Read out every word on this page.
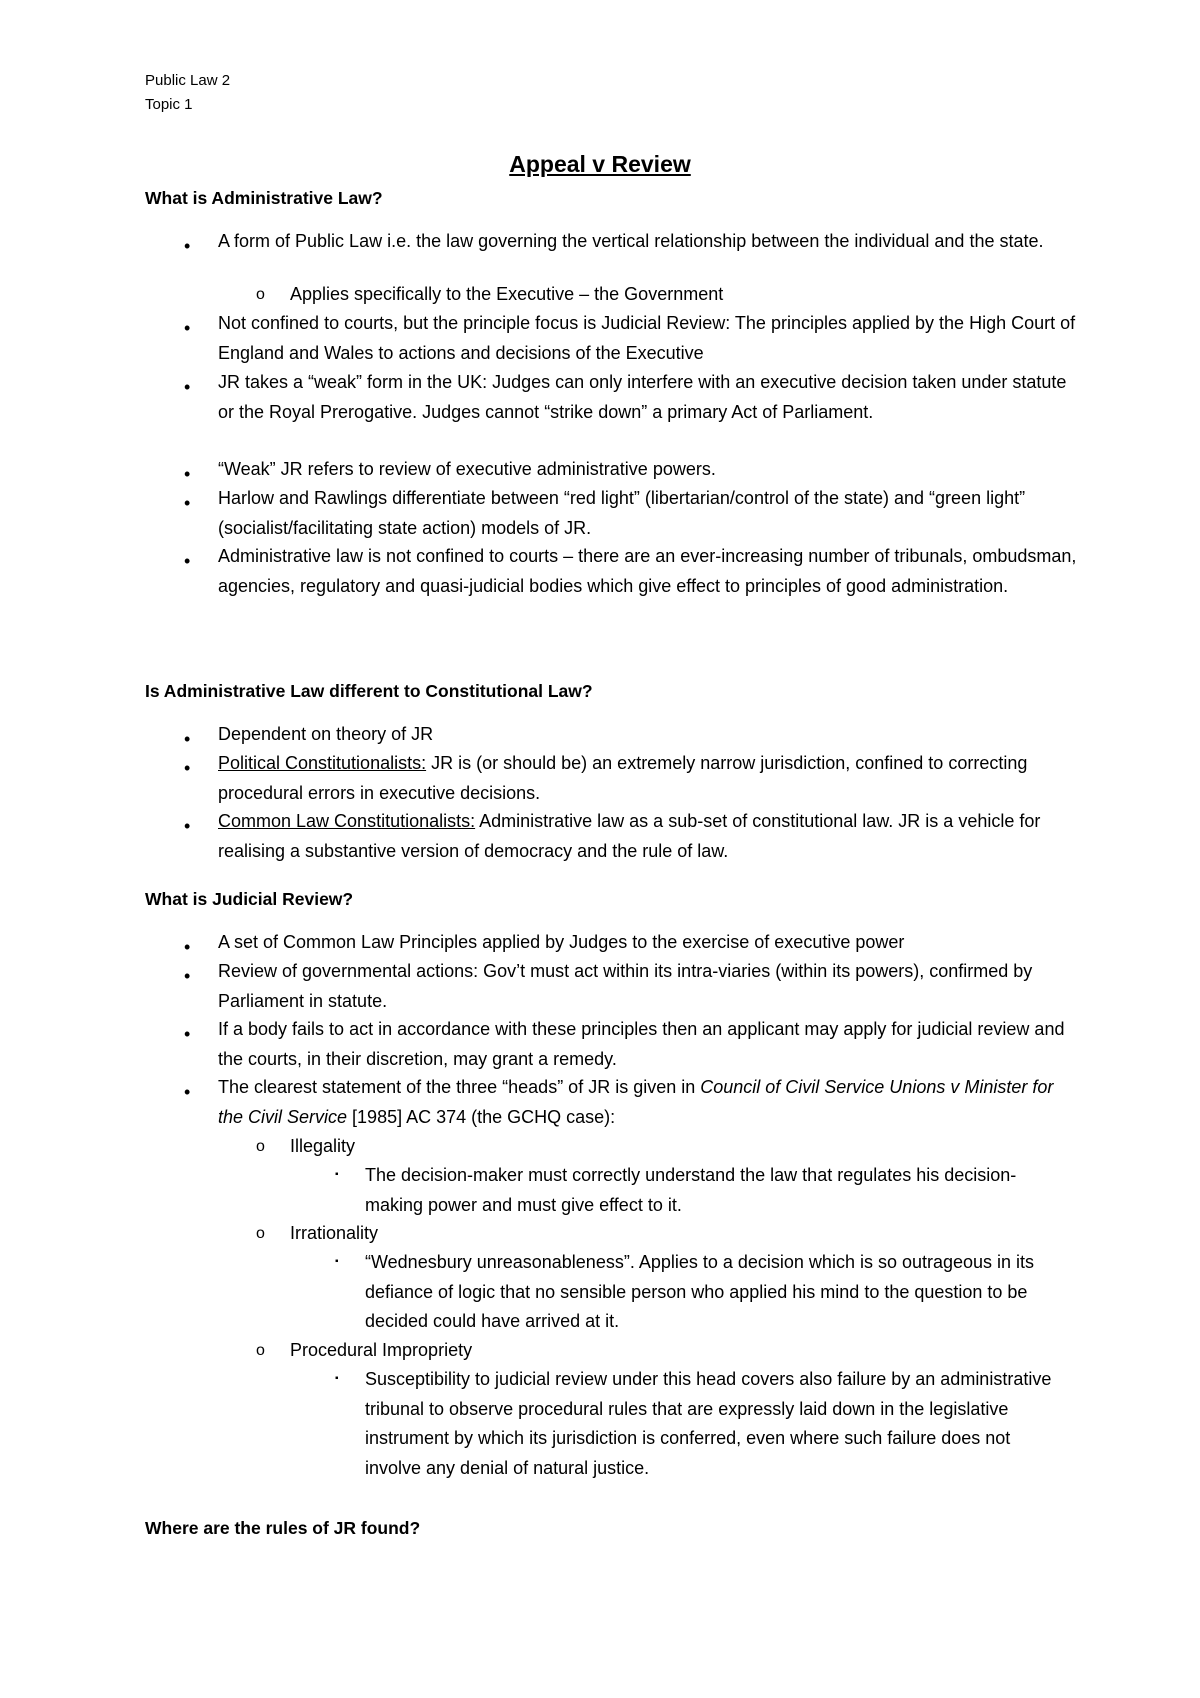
Public Law 2
Topic 1
Appeal v Review
What is Administrative Law?
• A form of Public Law i.e. the law governing the vertical relationship between the individual and the state.
o Applies specifically to the Executive – the Government
• Not confined to courts, but the principle focus is Judicial Review: The principles applied by the High Court of England and Wales to actions and decisions of the Executive
• JR takes a “weak” form in the UK: Judges can only interfere with an executive decision taken under statute or the Royal Prerogative. Judges cannot “strike down” a primary Act of Parliament.
• “Weak” JR refers to review of executive administrative powers.
• Harlow and Rawlings differentiate between “red light” (libertarian/control of the state) and “green light” (socialist/facilitating state action) models of JR.
• Administrative law is not confined to courts – there are an ever-increasing number of tribunals, ombudsman, agencies, regulatory and quasi-judicial bodies which give effect to principles of good administration.
Is Administrative Law different to Constitutional Law?
• Dependent on theory of JR
• Political Constitutionalists: JR is (or should be) an extremely narrow jurisdiction, confined to correcting procedural errors in executive decisions.
• Common Law Constitutionalists: Administrative law as a sub-set of constitutional law. JR is a vehicle for realising a substantive version of democracy and the rule of law.
What is Judicial Review?
• A set of Common Law Principles applied by Judges to the exercise of executive power
• Review of governmental actions: Gov’t must act within its intra-viaries (within its powers), confirmed by Parliament in statute.
• If a body fails to act in accordance with these principles then an applicant may apply for judicial review and the courts, in their discretion, may grant a remedy.
• The clearest statement of the three “heads” of JR is given in Council of Civil Service Unions v Minister for the Civil Service [1985] AC 374 (the GCHQ case):
o Illegality
▪ The decision-maker must correctly understand the law that regulates his decision-making power and must give effect to it.
o Irrationality
▪ “Wednesbury unreasonableness”. Applies to a decision which is so outrageous in its defiance of logic that no sensible person who applied his mind to the question to be decided could have arrived at it.
o Procedural Impropriety
▪ Susceptibility to judicial review under this head covers also failure by an administrative tribunal to observe procedural rules that are expressly laid down in the legislative instrument by which its jurisdiction is conferred, even where such failure does not involve any denial of natural justice.
Where are the rules of JR found?
